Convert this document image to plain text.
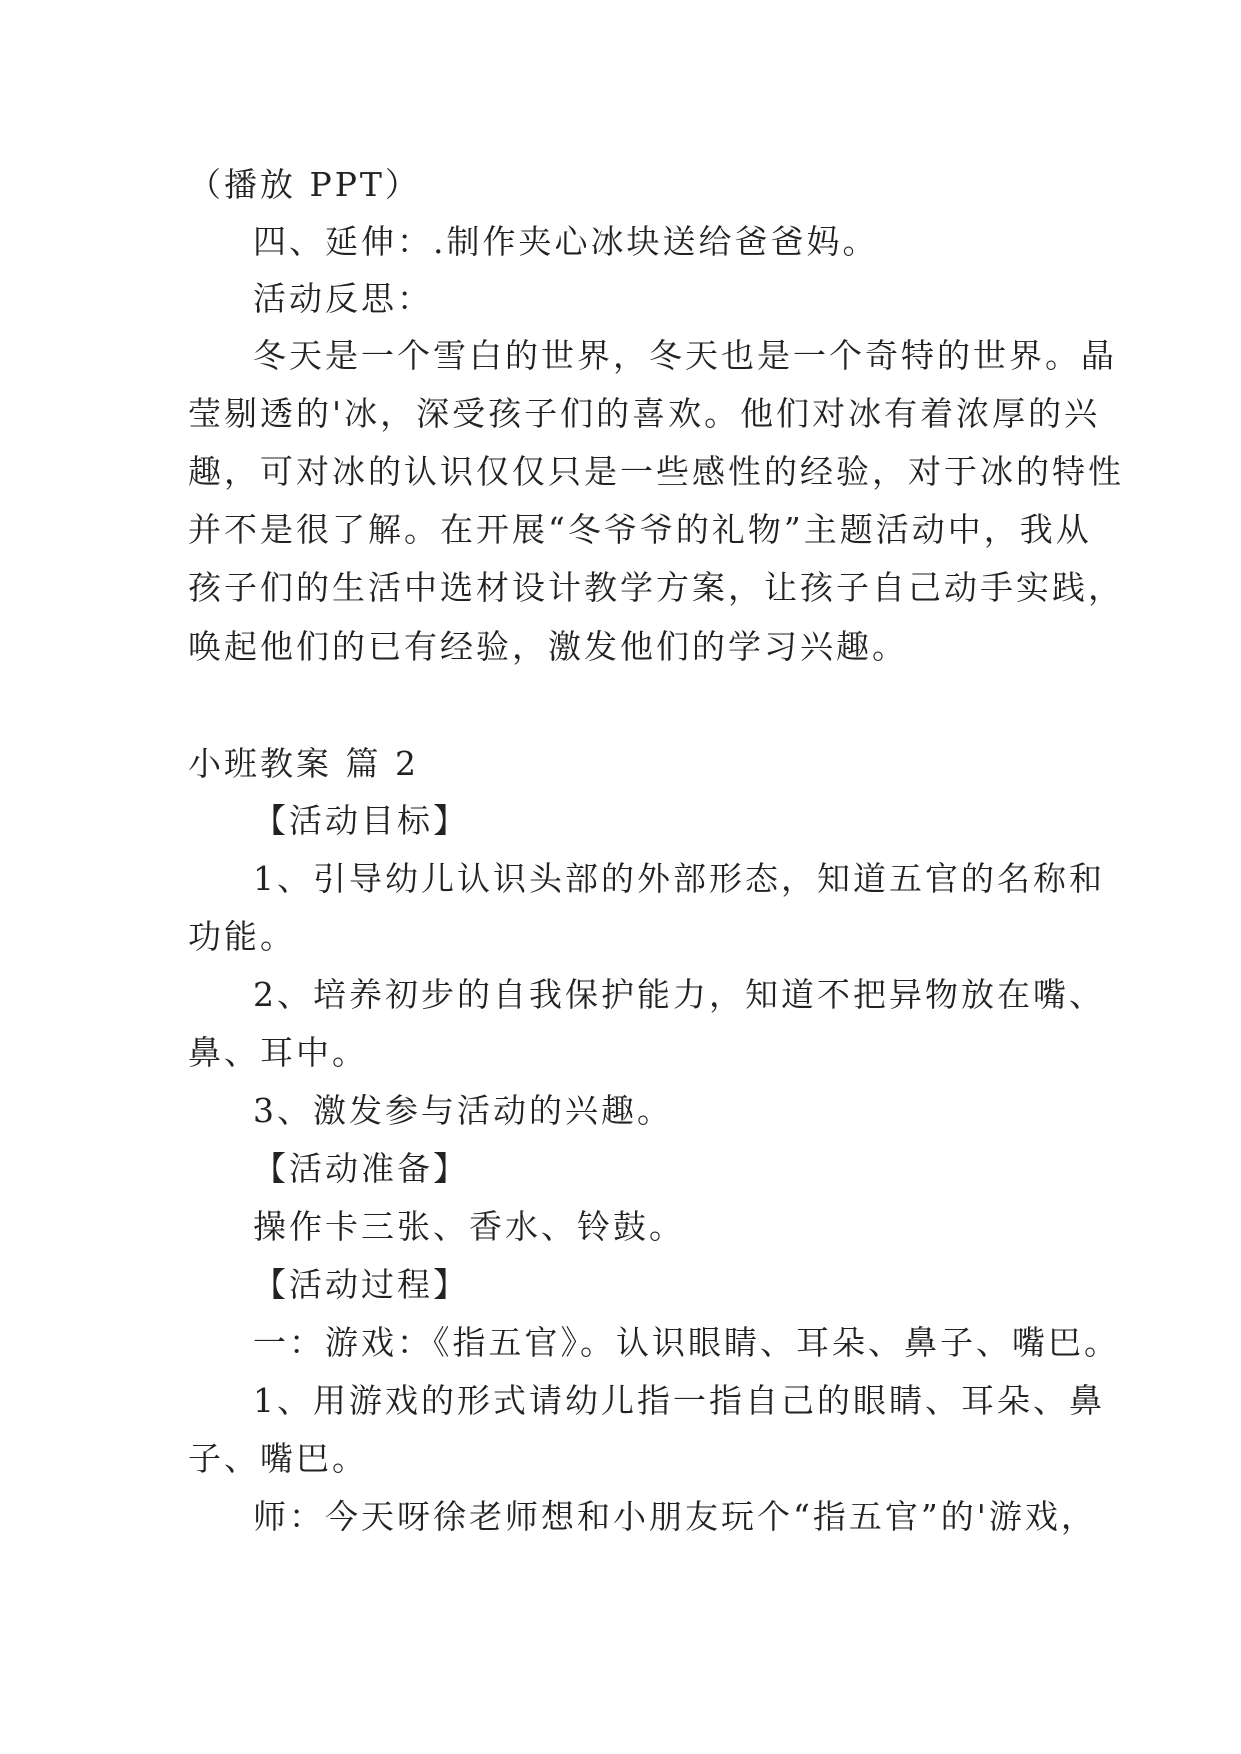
（播放 PPT）
四、延伸：.制作夹心冰块送给爸爸妈。
活动反思：
冬天是一个雪白的世界，冬天也是一个奇特的世界。晶
莹剔透的'冰，深受孩子们的喜欢。他们对冰有着浓厚的兴
趣，可对冰的认识仅仅只是一些感性的经验，对于冰的特性
并不是很了解。在开展“冬爷爷的礼物”主题活动中，我从
孩子们的生活中选材设计教学方案，让孩子自己动手实践，
唤起他们的已有经验，激发他们的学习兴趣。
小班教案 篇 2
【活动目标】
1、引导幼儿认识头部的外部形态，知道五官的名称和
功能。
2、培养初步的自我保护能力，知道不把异物放在嘴、
鼻、耳中。
3、激发参与活动的兴趣。
【活动准备】
操作卡三张、香水、铃鼓。
【活动过程】
一：游戏：《指五官》。认识眼睛、耳朵、鼻子、嘴巴。
1、用游戏的形式请幼儿指一指自己的眼睛、耳朵、鼻
子、嘴巴。
师：今天呀徐老师想和小朋友玩个“指五官”的'游戏，
